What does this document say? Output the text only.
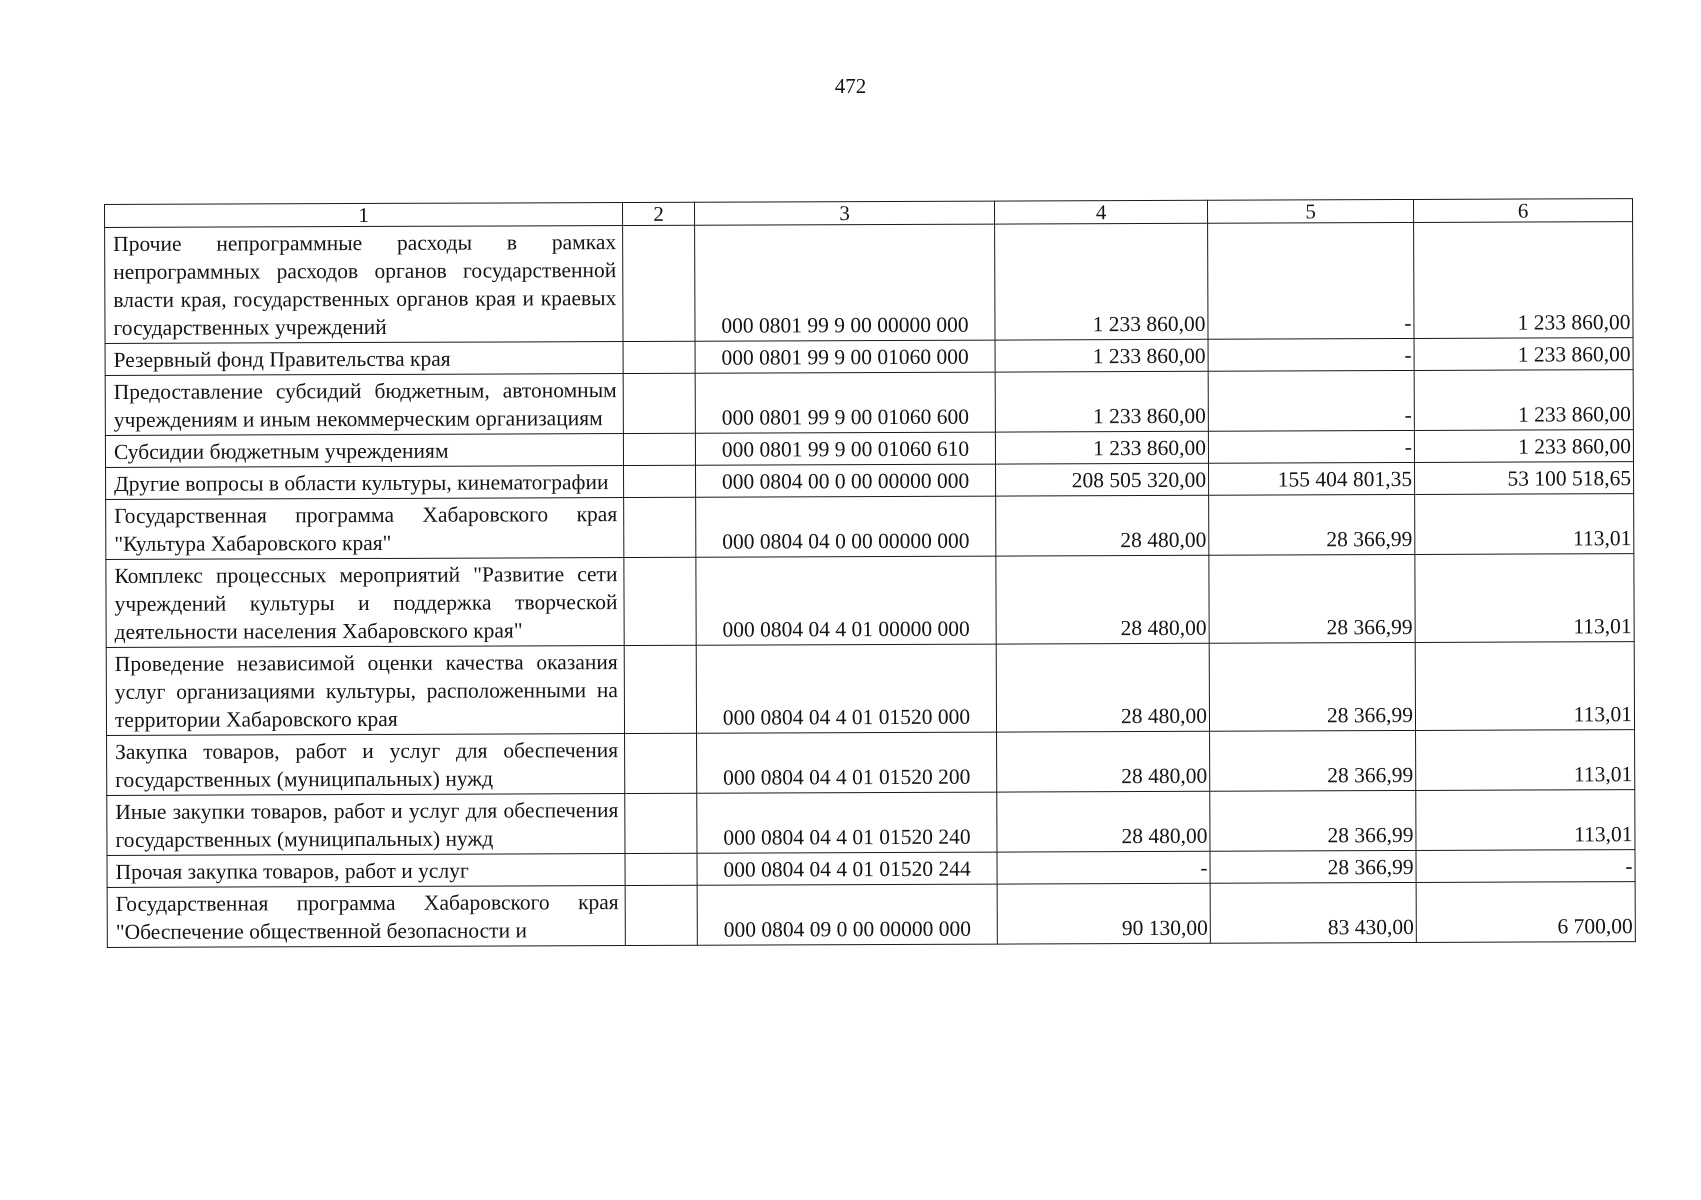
472
1	2	3	4	5	6
Прочие непрограммные расходы в рамках непрограммных расходов органов государственной власти края, государственных органов края и краевых государственных учреждений		000 0801 99 9 00 00000 000	1 233 860,00	-	1 233 860,00
Резервный фонд Правительства края		000 0801 99 9 00 01060 000	1 233 860,00	-	1 233 860,00
Предоставление субсидий бюджетным, автономным учреждениям и иным некоммерческим организациям		000 0801 99 9 00 01060 600	1 233 860,00	-	1 233 860,00
Субсидии бюджетным учреждениям		000 0801 99 9 00 01060 610	1 233 860,00	-	1 233 860,00
Другие вопросы в области культуры, кинематографии		000 0804 00 0 00 00000 000	208 505 320,00	155 404 801,35	53 100 518,65
Государственная программа Хабаровского края "Культура Хабаровского края"		000 0804 04 0 00 00000 000	28 480,00	28 366,99	113,01
Комплекс процессных мероприятий "Развитие сети учреждений культуры и поддержка творческой деятельности населения Хабаровского края"		000 0804 04 4 01 00000 000	28 480,00	28 366,99	113,01
Проведение независимой оценки качества оказания услуг организациями культуры, расположенными на территории Хабаровского края		000 0804 04 4 01 01520 000	28 480,00	28 366,99	113,01
Закупка товаров, работ и услуг для обеспечения государственных (муниципальных) нужд		000 0804 04 4 01 01520 200	28 480,00	28 366,99	113,01
Иные закупки товаров, работ и услуг для обеспечения государственных (муниципальных) нужд		000 0804 04 4 01 01520 240	28 480,00	28 366,99	113,01
Прочая закупка товаров, работ и услуг		000 0804 04 4 01 01520 244	-	28 366,99	-
Государственная программа Хабаровского края "Обеспечение общественной безопасности и		000 0804 09 0 00 00000 000	90 130,00	83 430,00	6 700,00
